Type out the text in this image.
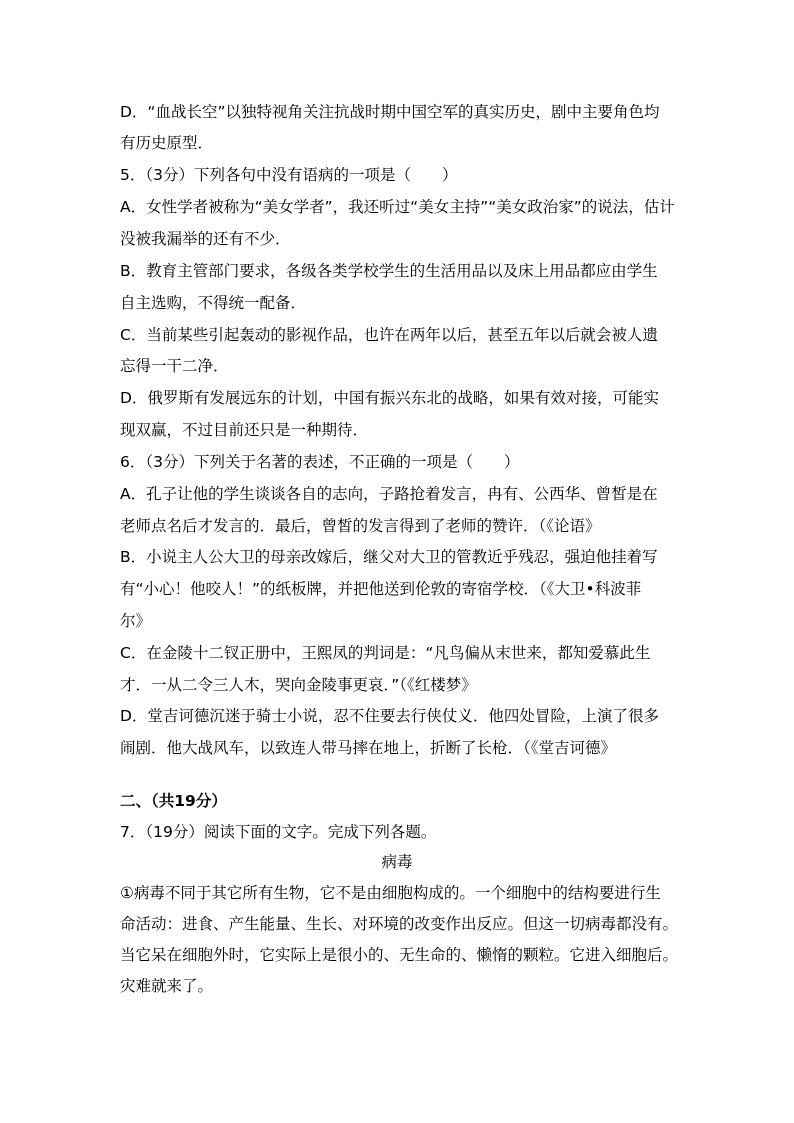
D．“血战长空”以独特视角关注抗战时期中国空军的真实历史，剧中主要角色均
有历史原型．
5．（3分）下列各句中没有语病的一项是（　　）
A．女性学者被称为“美女学者”，我还听过“美女主持”“美女政治家”的说法，估计
没被我漏举的还有不少．
B．教育主管部门要求，各级各类学校学生的生活用品以及床上用品都应由学生
自主选购，不得统一配备．
C．当前某些引起轰动的影视作品，也许在两年以后，甚至五年以后就会被人遗
忘得一干二净．
D．俄罗斯有发展远东的计划，中国有振兴东北的战略，如果有效对接，可能实
现双赢，不过目前还只是一种期待．
6．（3分）下列关于名著的表述，不正确的一项是（　　）
A．孔子让他的学生谈谈各自的志向，子路抢着发言，冉有、公西华、曾皙是在
老师点名后才发言的．最后，曾皙的发言得到了老师的赞许．（《论语》
B．小说主人公大卫的母亲改嫁后，继父对大卫的管教近乎残忍，强迫他挂着写
有“小心！他咬人！”的纸板牌，并把他送到伦敦的寄宿学校．（《大卫•科波菲
尔》
C．在金陵十二钗正册中，王熙凤的判词是：“凡鸟偏从末世来，都知爱慕此生
才．一从二令三人木，哭向金陵事更哀．”（《红楼梦》
D．堂吉诃德沉迷于骑士小说，忍不住要去行侠仗义．他四处冒险，上演了很多
闹剧．他大战风车，以致连人带马摔在地上，折断了长枪．（《堂吉诃德》
二、（共19分）
7．（19分）阅读下面的文字。完成下列各题。
病毒
①病毒不同于其它所有生物，它不是由细胞构成的。一个细胞中的结构要进行生
命活动：进食、产生能量、生长、对环境的改变作出反应。但这一切病毒都没有。
当它呆在细胞外时，它实际上是很小的、无生命的、懒惰的颗粒。它进入细胞后。
灾难就来了。
